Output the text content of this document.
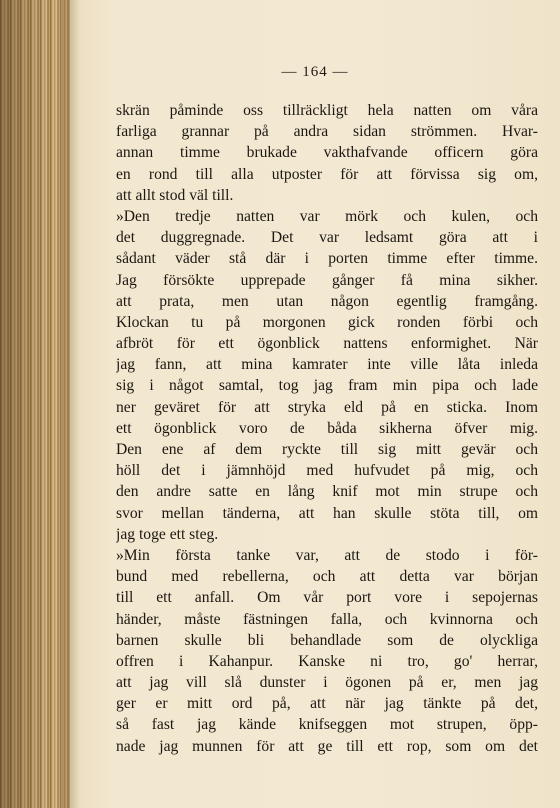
— 164 —
skrän påminde oss tillräckligt hela natten om våra
farliga grannar på andra sidan strömmen. Hvar-
annan timme brukade vakthafvande officern göra
en rond till alla utposter för att förvissa sig om,
att allt stod väl till.
»Den tredje natten var mörk och kulen, och
det duggregnade. Det var ledsamt göra att i
sådant väder stå där i porten timme efter timme.
Jag försökte upprepade gånger få mina sikher.
att prata, men utan någon egentlig framgång.
Klockan tu på morgonen gick ronden förbi och
afbröt för ett ögonblick nattens enformighet. När
jag fann, att mina kamrater inte ville låta inleda
sig i något samtal, tog jag fram min pipa och lade
ner geväret för att stryka eld på en sticka. Inom
ett ögonblick voro de båda sikherna öfver mig.
Den ene af dem ryckte till sig mitt gevär och
höll det i jämnhöjd med hufvudet på mig, och
den andre satte en lång knif mot min strupe och
svor mellan tänderna, att han skulle stöta till, om
jag toge ett steg.
»Min första tanke var, att de stodo i för-
bund med rebellerna, och att detta var början
till ett anfall. Om vår port vore i sepojernas
händer, måste fästningen falla, och kvinnorna och
barnen skulle bli behandlade som de olyckliga
offren i Kahanpur. Kanske ni tro, go' herrar,
att jag vill slå dunster i ögonen på er, men jag
ger er mitt ord på, att när jag tänkte på det,
så fast jag kände knifseggen mot strupen, öpp-
nade jag munnen för att ge till ett rop, som om det
